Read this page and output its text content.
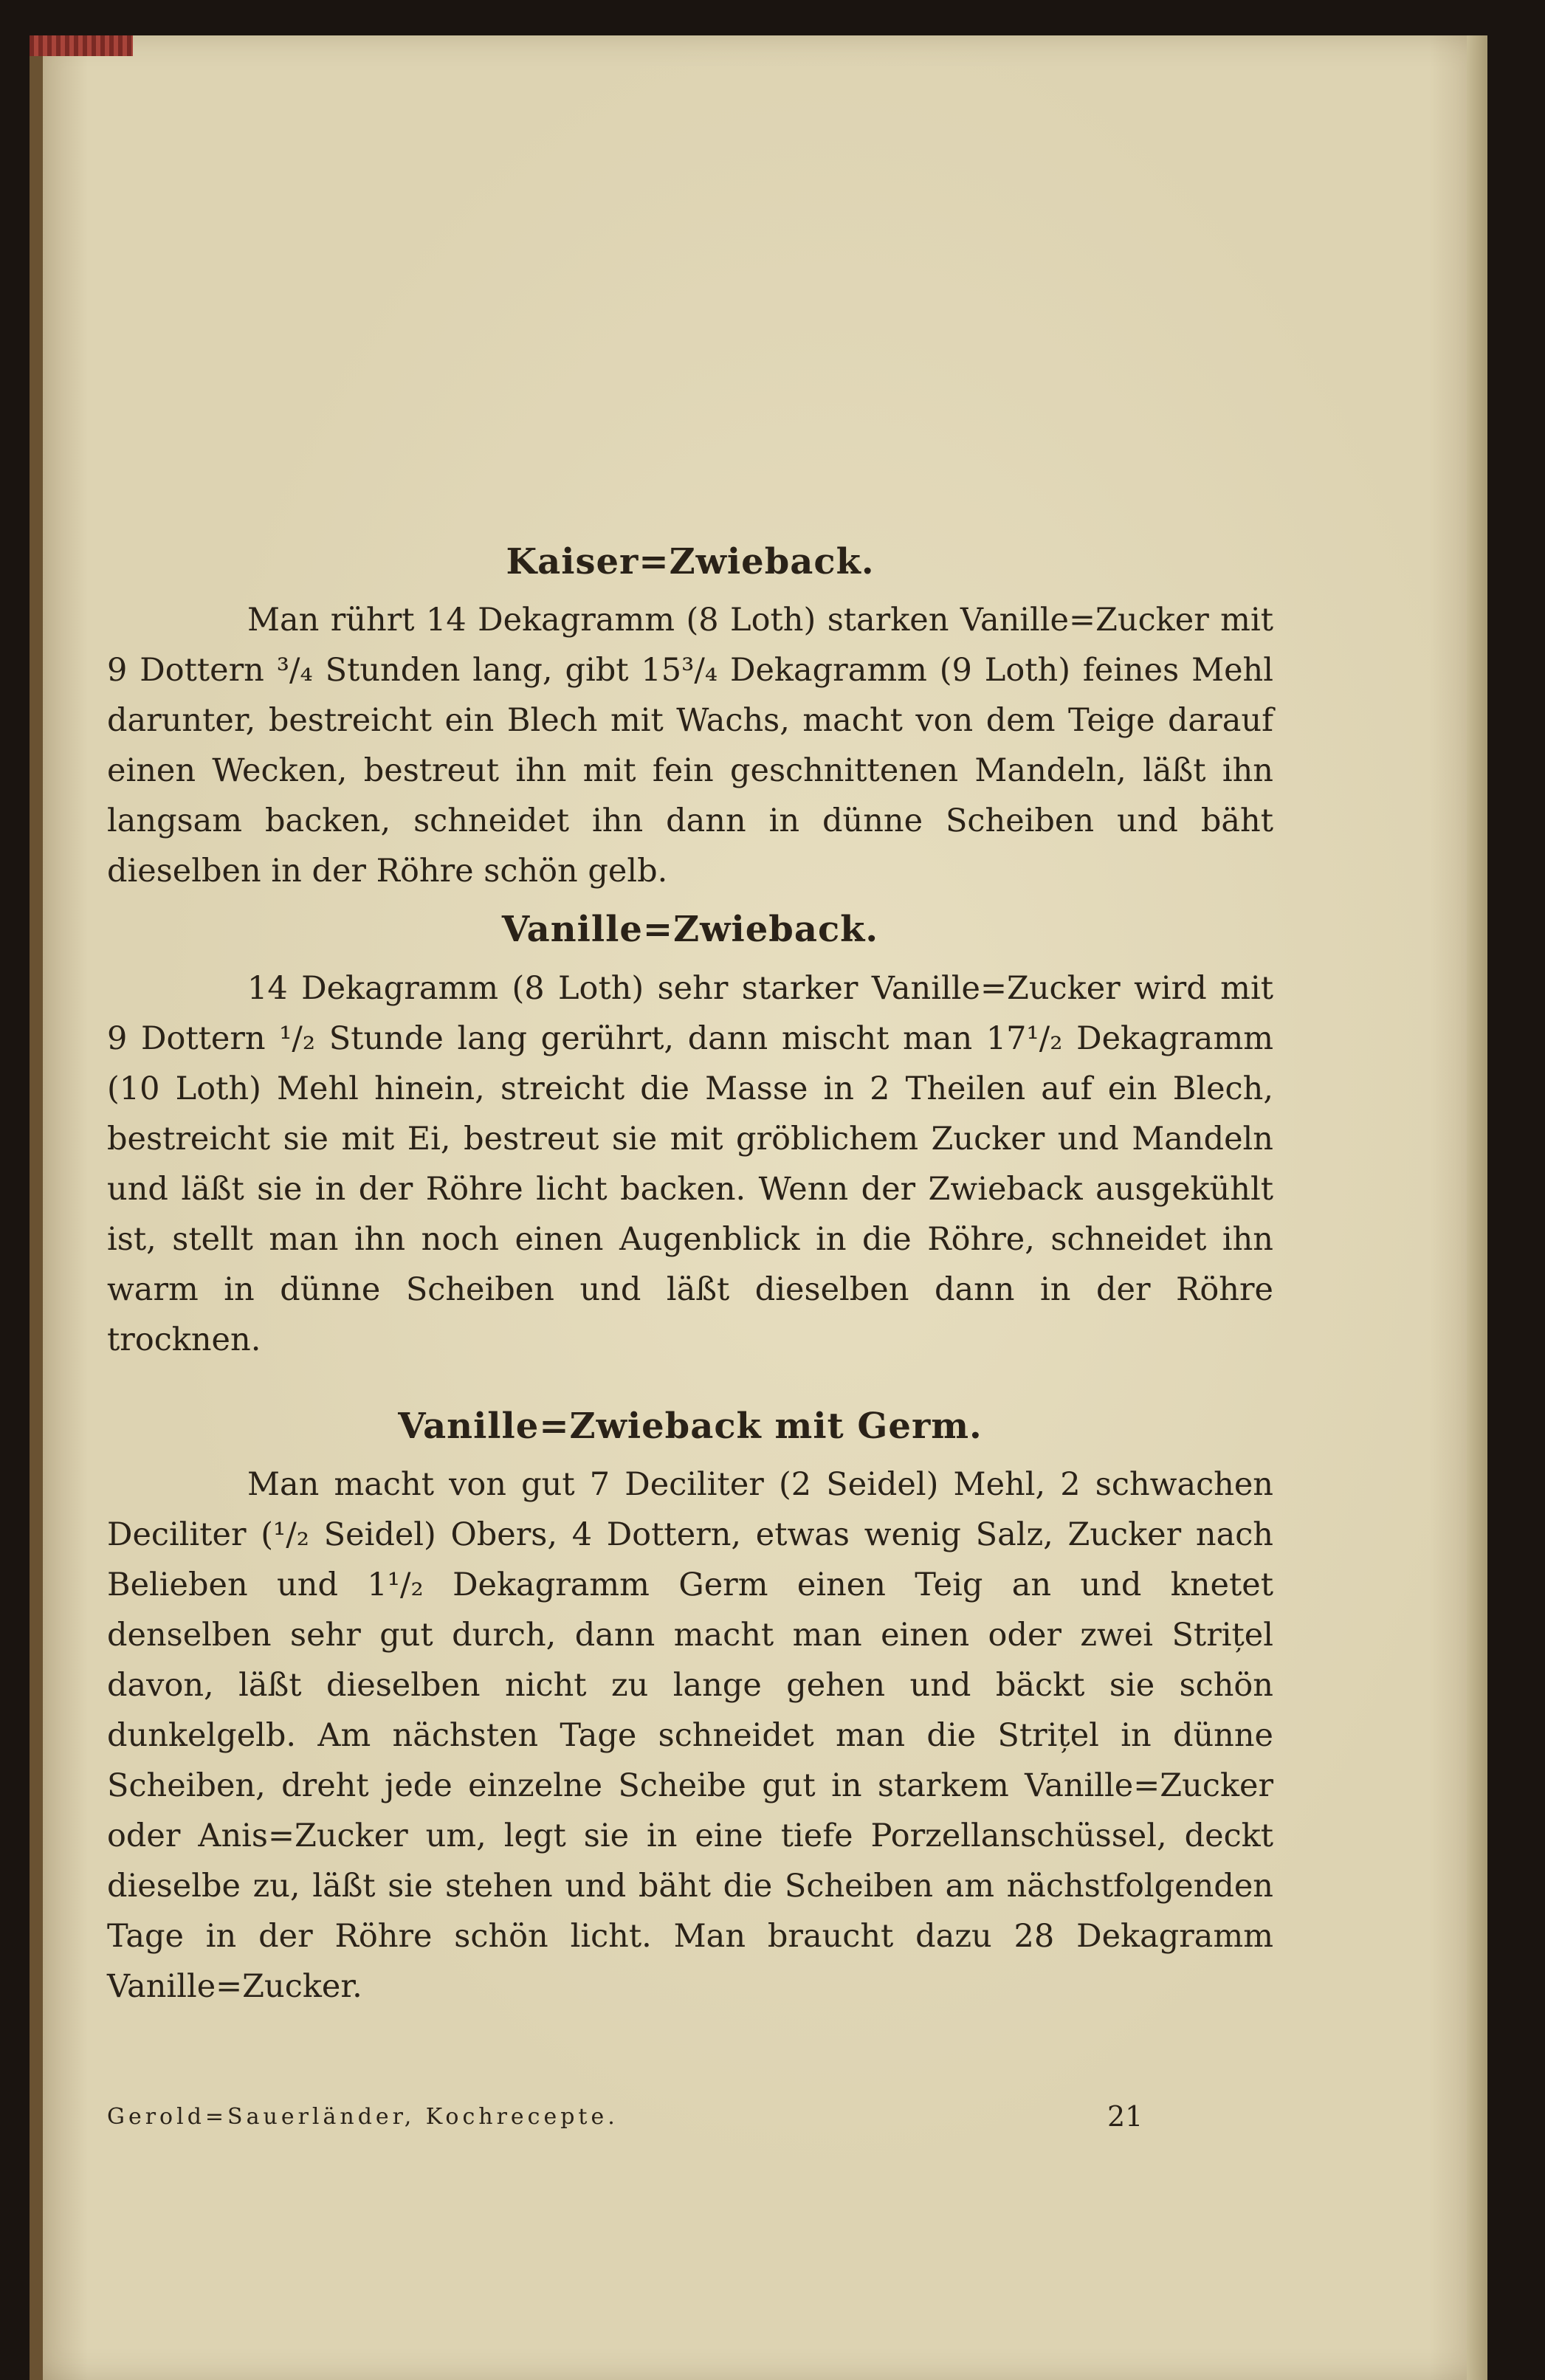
Kaiser=Zwieback.

Man rührt 14 Dekagramm (8 Loth) starken Vanille=Zucker mit 9 Dottern ³/₄ Stunden lang, gibt 15³/₄ Dekagramm (9 Loth) feines Mehl darunter, bestreicht ein Blech mit Wachs, macht von dem Teige darauf einen Wecken, bestreut ihn mit fein geschnittenen Mandeln, läßt ihn langsam backen, schneidet ihn dann in dünne Scheiben und bäht dieselben in der Röhre schön gelb.

Vanille=Zwieback.

14 Dekagramm (8 Loth) sehr starker Vanille=Zucker wird mit 9 Dottern ¹/₂ Stunde lang gerührt, dann mischt man 17¹/₂ Dekagramm (10 Loth) Mehl hinein, streicht die Masse in 2 Theilen auf ein Blech, bestreicht sie mit Ei, bestreut sie mit gröblichem Zucker und Mandeln und läßt sie in der Röhre licht backen. Wenn der Zwieback ausgekühlt ist, stellt man ihn noch einen Augenblick in die Röhre, schneidet ihn warm in dünne Scheiben und läßt dieselben dann in der Röhre trocknen.

Vanille=Zwieback mit Germ.

Man macht von gut 7 Deciliter (2 Seidel) Mehl, 2 schwachen Deciliter (¹/₂ Seidel) Obers, 4 Dottern, etwas wenig Salz, Zucker nach Belieben und 1¹/₂ Dekagramm Germ einen Teig an und knetet denselben sehr gut durch, dann macht man einen oder zwei Strițel davon, läßt dieselben nicht zu lange gehen und bäckt sie schön dunkelgelb. Am nächsten Tage schneidet man die Strițel in dünne Scheiben, dreht jede einzelne Scheibe gut in starkem Vanille=Zucker oder Anis=Zucker um, legt sie in eine tiefe Porzellanschüssel, deckt dieselbe zu, läßt sie stehen und bäht die Scheiben am nächstfolgenden Tage in der Röhre schön licht. Man braucht dazu 28 Dekagramm Vanille=Zucker.

Gerold=Sauerländer, Kochrecepte.	21
